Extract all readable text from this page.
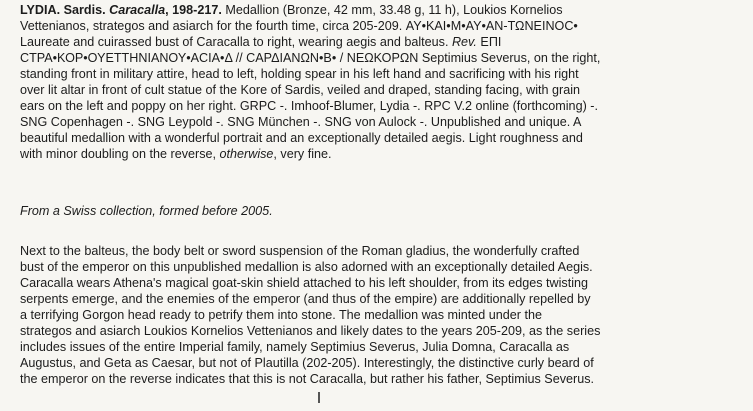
LYDIA. Sardis. Caracalla, 198-217. Medallion (Bronze, 42 mm, 33.48 g, 11 h), Loukios Kornelios
Vettenianos, strategos and asiarch for the fourth time, circa 205-209. ΑΥ•ΚΑΙ•Μ•ΑΥ•ΑΝ-ΤΩΝΕΙΝΟC•
Laureate and cuirassed bust of Caracalla to right, wearing aegis and balteus. Rev. ΕΠΙ
CΤΡΑ•ΚΟΡ•ΟΥΕΤΤΗΝΙΑΝΟΥ•ΑCΙΑ•Δ // CΑΡΔΙΑΝΩΝ•Β• / ΝΕΩΚΟΡΩΝ Septimius Severus, on the right,
standing front in military attire, head to left, holding spear in his left hand and sacrificing with his right
over lit altar in front of cult statue of the Kore of Sardis, veiled and draped, standing facing, with grain
ears on the left and poppy on her right. GRPC -. Imhoof-Blumer, Lydia -. RPC V.2 online (forthcoming) -.
SNG Copenhagen -. SNG Leypold -. SNG München -. SNG von Aulock -. Unpublished and unique. A
beautiful medallion with a wonderful portrait and an exceptionally detailed aegis. Light roughness and
with minor doubling on the reverse, otherwise, very fine.
From a Swiss collection, formed before 2005.
Next to the balteus, the body belt or sword suspension of the Roman gladius, the wonderfully crafted
bust of the emperor on this unpublished medallion is also adorned with an exceptionally detailed Aegis.
Caracalla wears Athena's magical goat-skin shield attached to his left shoulder, from its edges twisting
serpents emerge, and the enemies of the emperor (and thus of the empire) are additionally repelled by
a terrifying Gorgon head ready to petrify them into stone. The medallion was minted under the
strategos and asiarch Loukios Kornelios Vettenianos and likely dates to the years 205-209, as the series
includes issues of the entire Imperial family, namely Septimius Severus, Julia Domna, Caracalla as
Augustus, and Geta as Caesar, but not of Plautilla (202-205). Interestingly, the distinctive curly beard of
the emperor on the reverse indicates that this is not Caracalla, but rather his father, Septimius Severus.
